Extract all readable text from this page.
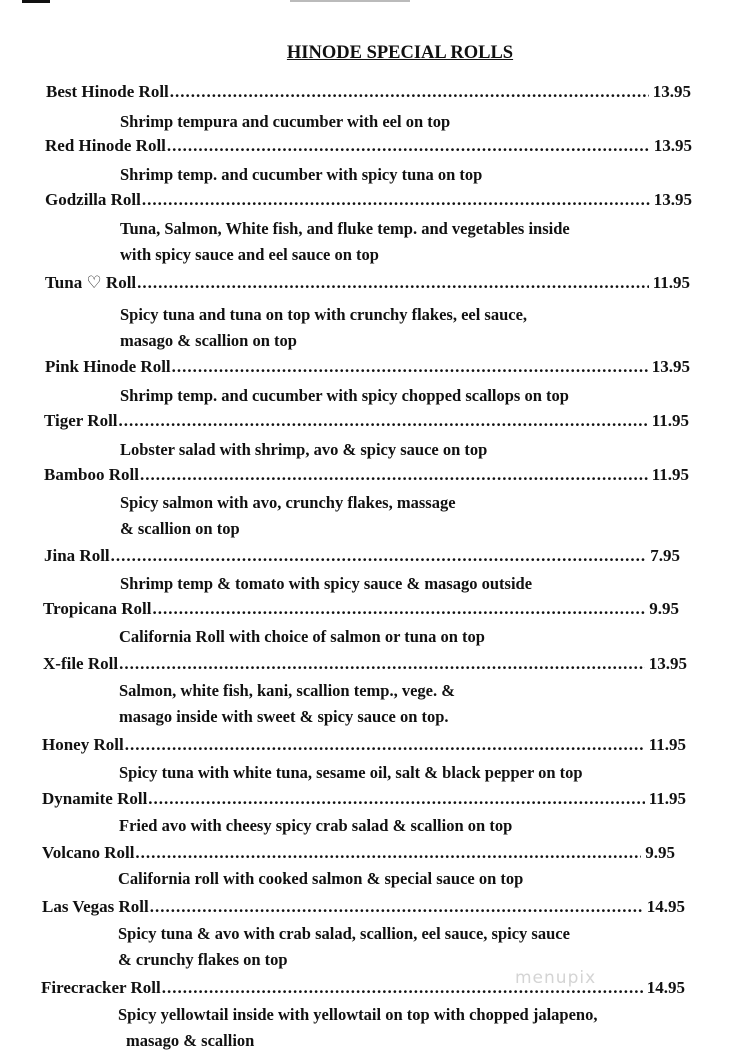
HINODE SPECIAL ROLLS
Best Hinode Roll .....	13.95
Shrimp tempura and cucumber with eel on top
Red Hinode Roll .....	13.95
Shrimp temp. and cucumber with spicy tuna on top
Godzilla Roll .....	13.95
Tuna, Salmon, White fish, and fluke temp. and vegetables inside
with spicy sauce and eel sauce on top
Tuna ♡ Roll .....	11.95
Spicy tuna and tuna on top with crunchy flakes, eel sauce,
masago & scallion on top
Pink Hinode Roll .....	13.95
Shrimp temp. and cucumber with spicy chopped scallops on top
Tiger Roll .....	11.95
Lobster salad with shrimp, avo & spicy sauce on top
Bamboo Roll .....	11.95
Spicy salmon with avo, crunchy flakes, massage
& scallion on top
Jina Roll .....	7.95
Shrimp temp & tomato with spicy sauce & masago outside
Tropicana Roll .....	9.95
California Roll with choice of salmon or tuna on top
X-file Roll .....	13.95
Salmon, white fish, kani, scallion temp., vege. &
masago inside with sweet & spicy sauce on top.
Honey Roll .....	11.95
Spicy tuna with white tuna, sesame oil, salt & black pepper on top
Dynamite Roll .....	11.95
Fried avo with cheesy spicy crab salad & scallion on top
Volcano Roll .....	9.95
California roll with cooked salmon & special sauce on top
Las Vegas Roll .....	14.95
Spicy tuna & avo with crab salad, scallion, eel sauce, spicy sauce
& crunchy flakes on top
Firecracker Roll .....	14.95
Spicy yellowtail inside with yellowtail on top with chopped jalapeno,
masago & scallion
menupix
